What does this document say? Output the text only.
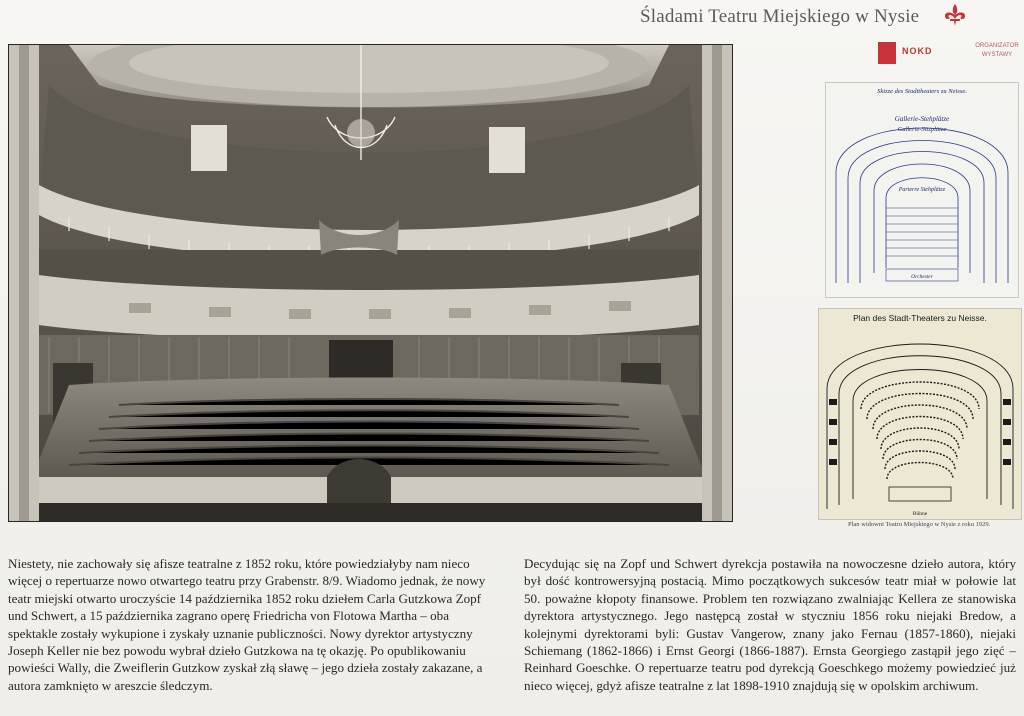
Śladami Teatru Miejskiego w Nysie
NOKD	ORGANIZATOR WYSTAWY
Skizze des Stadttheaters zu Neisse.
Gallerie-Stehplätze
Gallerie-Sitzplätze
Parterre Stehplätze
Orchester
Plan des Stadt-Theaters zu Neisse.
Bühne
Plan widowni Teatru Miejskiego w Nysie z roku 1929.

Niestety, nie zachowały się afisze teatralne z 1852 roku, które powiedziałyby nam nieco więcej o repertuarze nowo otwartego teatru przy Grabenstr. 8/9. Wiadomo jednak, że nowy teatr miejski otwarto uroczyście 14 października 1852 roku dziełem Carla Gutzkowa Zopf und Schwert, a 15 października zagrano operę Friedricha von Flotowa Martha – oba spektakle zostały wykupione i zyskały uznanie publiczności. Nowy dyrektor artystyczny Joseph Keller nie bez powodu wybrał dzieło Gutzkowa na tę okazję. Po opublikowaniu powieści Wally, die Zweiflerin Gutzkow zyskał złą sławę – jego dzieła zostały zakazane, a autora zamknięto w areszcie śledczym.

Decydując się na Zopf und Schwert dyrekcja postawiła na nowoczesne dzieło autora, który był dość kontrowersyjną postacią. Mimo początkowych sukcesów teatr miał w połowie lat 50. poważne kłopoty finansowe. Problem ten rozwiązano zwalniając Kellera ze stanowiska dyrektora artystycznego. Jego następcą został w styczniu 1856 roku niejaki Bredow, a kolejnymi dyrektorami byli: Gustav Vangerow, znany jako Fernau (1857-1860), niejaki Schiemang (1862-1866) i Ernst Georgi (1866-1887). Ernsta Georgiego zastąpił jego zięć – Reinhard Goeschke. O repertuarze teatru pod dyrekcją Goeschkego możemy powiedzieć już nieco więcej, gdyż afisze teatralne z lat 1898-1910 znajdują się w opolskim archiwum.
